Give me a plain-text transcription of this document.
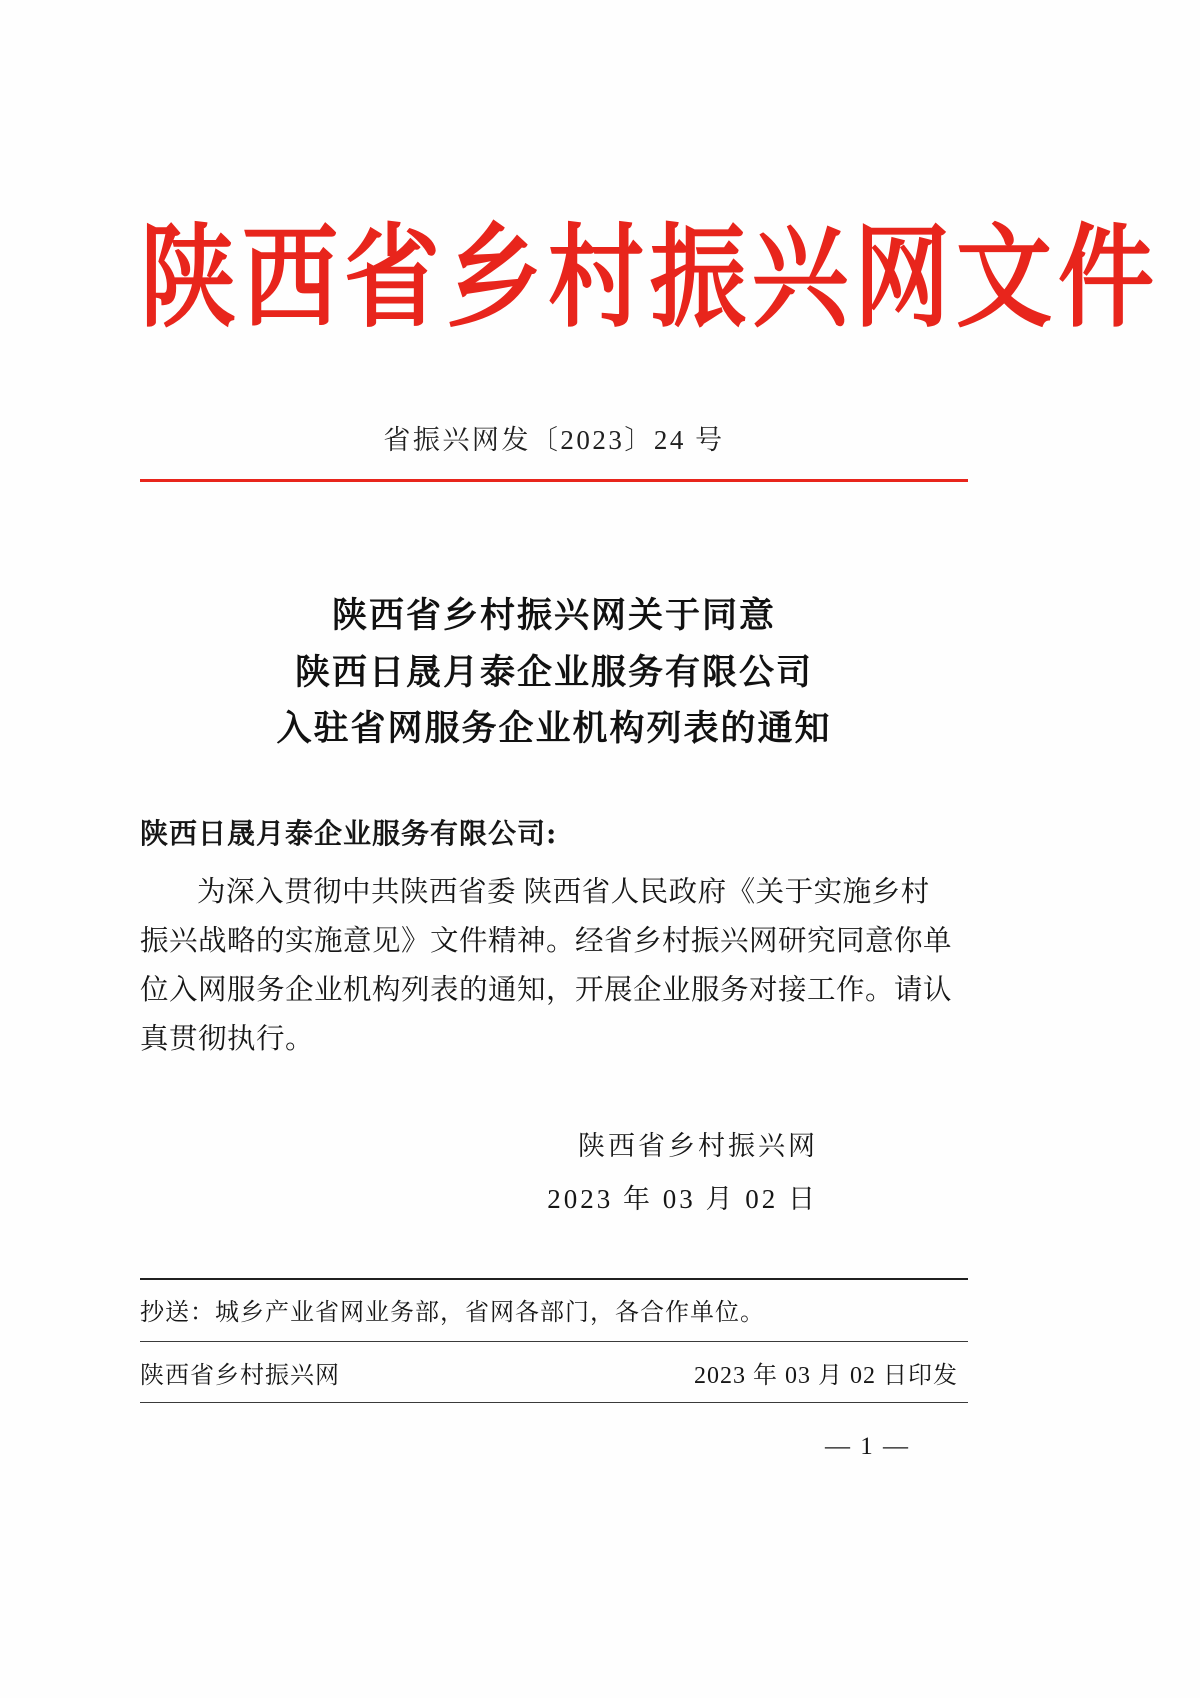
陕西省乡村振兴网文件
省振兴网发〔2023〕24 号
陕西省乡村振兴网关于同意
陕西日晟月泰企业服务有限公司
入驻省网服务企业机构列表的通知
陕西日晟月泰企业服务有限公司:
为深入贯彻中共陕西省委 陕西省人民政府《关于实施乡村
振兴战略的实施意见》文件精神。经省乡村振兴网研究同意你单
位入网服务企业机构列表的通知，开展企业服务对接工作。请认
真贯彻执行。
陕西省乡村振兴网
2023 年 03 月 02 日
抄送：城乡产业省网业务部，省网各部门，各合作单位。
陕西省乡村振兴网	2023 年 03 月 02 日印发
— 1 —
